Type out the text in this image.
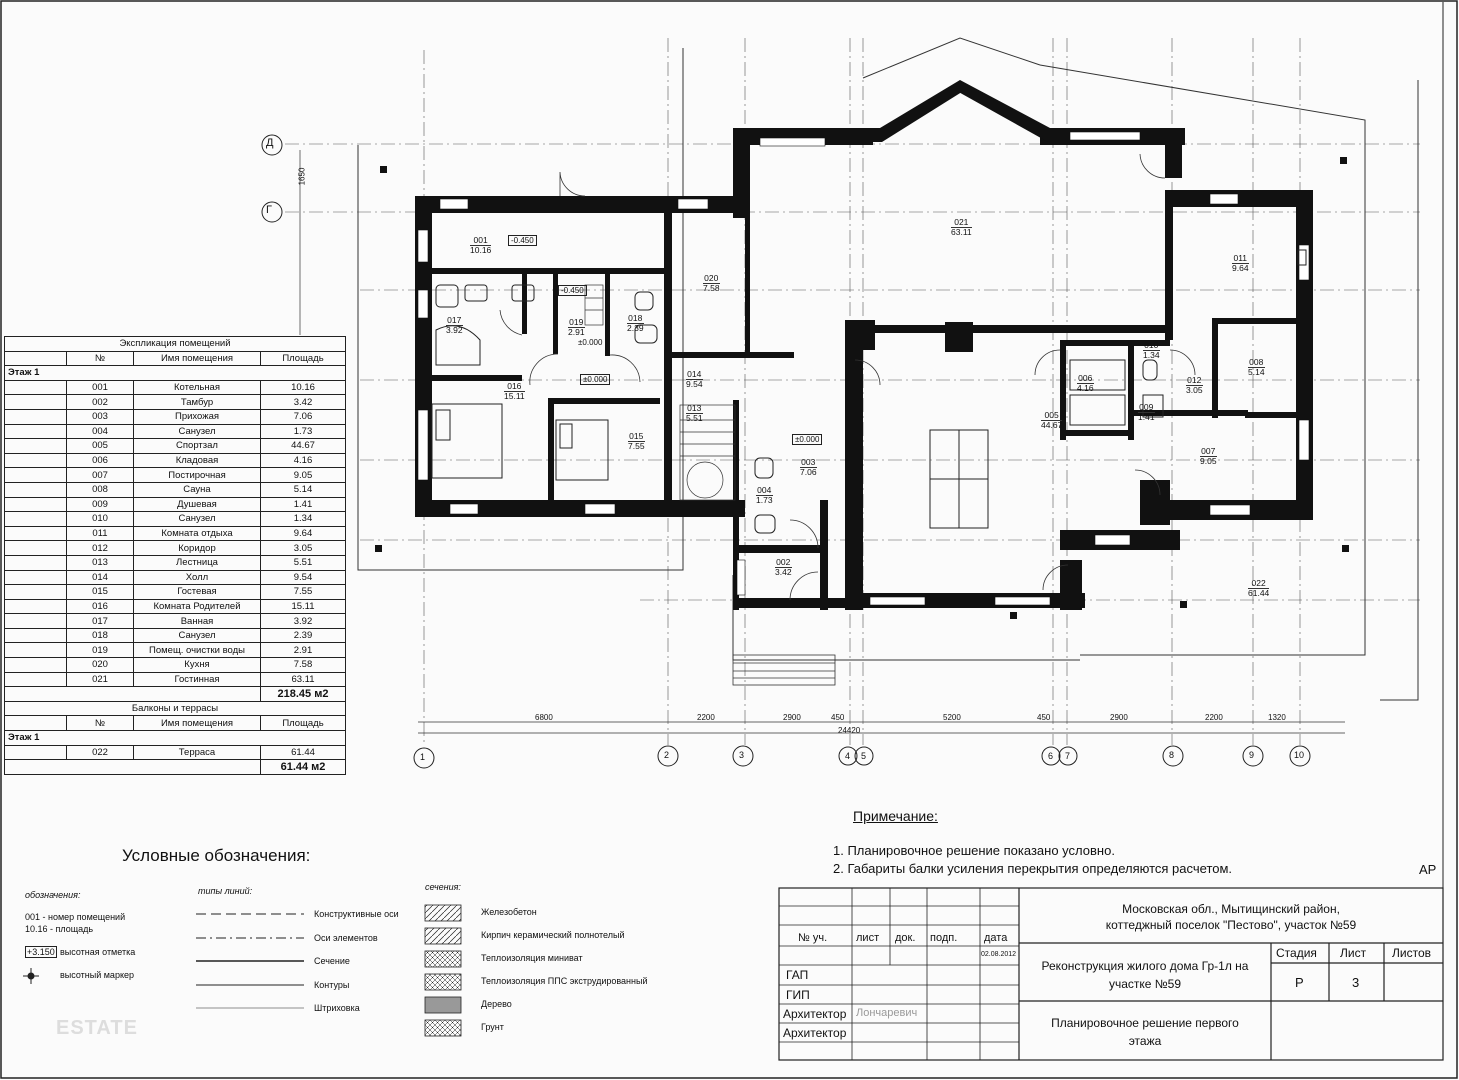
Д
Г
1650
1	2	3	4 5	6 7	8	9	10
6800	2200	2900	450	5200	450	2900	2200	1320
24420
001
10.16
002
3.42
003
7.06
004
1.73
005
44.67
006
4.16
007
9.05
008
5.14
009
1.41
010
1.34
011
9.64
012
3.05
013
5.51
014
9.54
015
7.55
016
15.11
017
3.92
018
2.39
019
2.91
020
7.58
021
63.11
022
61.44
-0.450
-0.450
±0.000
±0.000
±0.000
Экспликация помещений			
	№	Имя помещения	Площадь
Этаж 1			
	001	Котельная	10.16
	002	Тамбур	3.42
	003	Прихожая	7.06
	004	Санузел	1.73
	005	Спортзал	44.67
	006	Кладовая	4.16
	007	Постирочная	9.05
	008	Сауна	5.14
	009	Душевая	1.41
	010	Санузел	1.34
	011	Комната отдыха	9.64
	012	Коридор	3.05
	013	Лестница	5.51
	014	Холл	9.54
	015	Гостевая	7.55
	016	Комната Родителей	15.11
	017	Ванная	3.92
	018	Санузел	2.39
	019	Помещ. очистки воды	2.91
	020	Кухня	7.58
	021	Гостинная	63.11
			218.45 м2
Балконы и террасы			
	№	Имя помещения	Площадь
Этаж 1			
	022	Терраса	61.44
			61.44 м2
Примечание:
1. Планировочное решение показано условно.
2. Габариты балки усиления перекрытия определяются расчетом.
Условные обозначения:
обозначения:
001 - номер помещений
10.16 - площадь
+3.150 высотная отметка
высотный маркер
типы линий:
Конструктивные оси
Оси элементов
Сечение
Контуры
Штриховка
сечения:
Железобетон
Кирпич керамический полнотелый
Теплоизоляция миниват
Теплоизоляция ППС экструдированный
Дерево
Грунт
ESTATE
АР
№ уч.	лист док. подп. дата
02.08.2012
ГАП
ГИП
Архитектор Лончаревич
Архитектор
Московская обл., Мытищинский район,
коттеджный поселок "Пестово", участок №59
Реконструкция жилого дома Гр-1л на
участке №59
Стадия Лист Листов
Р	3
Планировочное решение первого
этажа
